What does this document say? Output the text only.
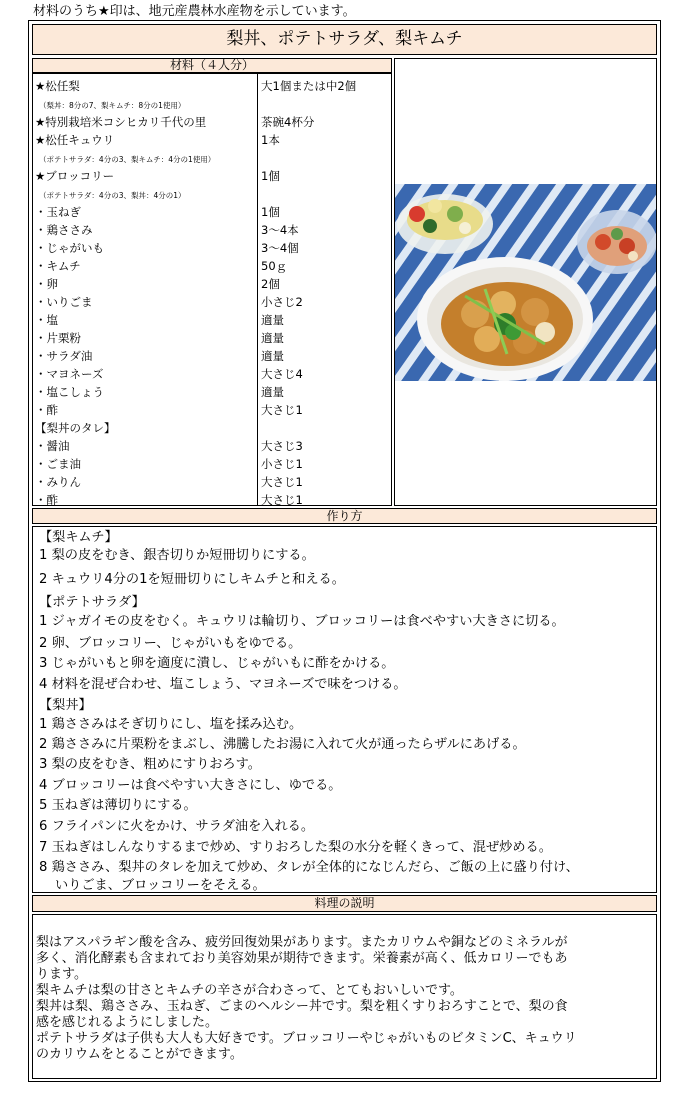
材料のうち★印は、地元産農林水産物を示しています。
梨丼、ポテトサラダ、梨キムチ
材料（４人分）
★松任梨	大1個または中2個
（梨丼：8分の7、梨キムチ：8分の1使用）
★特別栽培米コシヒカリ千代の里	茶碗4杯分
★松任キュウリ	1本
（ポテトサラダ：4分の3、梨キムチ：4分の1使用）
★ブロッコリー	1個
（ポテトサラダ：4分の3、梨丼：4分の1）
・玉ねぎ	1個
・鶏ささみ	3～4本
・じゃがいも	3～4個
・キムチ	50ｇ
・卵	2個
・いりごま	小さじ2
・塩	適量
・片栗粉	適量
・サラダ油	適量
・マヨネーズ	大さじ4
・塩こしょう	適量
・酢	大さじ1
【梨丼のタレ】
・醤油	大さじ3
・ごま油	小さじ1
・みりん	大さじ1
・酢	大さじ1
作り方
【梨キムチ】
1 梨の皮をむき、銀杏切りか短冊切りにする。
2 キュウリ4分の1を短冊切りにしキムチと和える。
【ポテトサラダ】
1 ジャガイモの皮をむく。キュウリは輪切り、ブロッコリーは食べやすい大きさに切る。
2 卵、ブロッコリー、じゃがいもをゆでる。
3 じゃがいもと卵を適度に潰し、じゃがいもに酢をかける。
4 材料を混ぜ合わせ、塩こしょう、マヨネーズで味をつける。
【梨丼】
1 鶏ささみはそぎ切りにし、塩を揉み込む。
2 鶏ささみに片栗粉をまぶし、沸騰したお湯に入れて火が通ったらザルにあげる。
3 梨の皮をむき、粗めにすりおろす。
4 ブロッコリーは食べやすい大きさにし、ゆでる。
5 玉ねぎは薄切りにする。
6 フライパンに火をかけ、サラダ油を入れる。
7 玉ねぎはしんなりするまで炒め、すりおろした梨の水分を軽くきって、混ぜ炒める。
8 鶏ささみ、梨丼のタレを加えて炒め、タレが全体的になじんだら、ご飯の上に盛り付け、
いりごま、ブロッコリーをそえる。
料理の説明
梨はアスパラギン酸を含み、疲労回復効果があります。またカリウムや銅などのミネラルが
多く、消化酵素も含まれており美容効果が期待できます。栄養素が高く、低カロリーでもあ
ります。
梨キムチは梨の甘さとキムチの辛さが合わさって、とてもおいしいです。
梨丼は梨、鶏ささみ、玉ねぎ、ごまのヘルシー丼です。梨を粗くすりおろすことで、梨の食
感を感じれるようにしました。
ポテトサラダは子供も大人も大好きです。ブロッコリーやじゃがいものビタミンC、キュウリ
のカリウムをとることができます。
